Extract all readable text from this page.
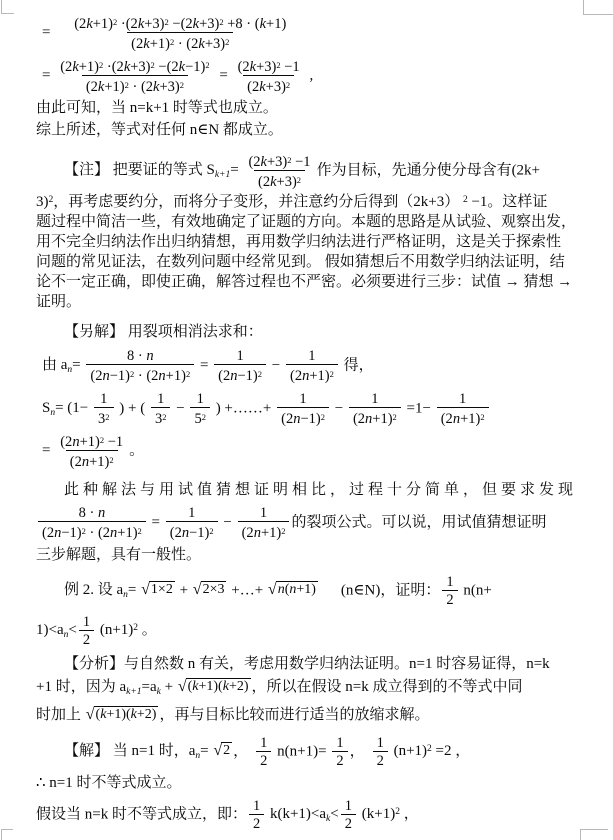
= $\frac{(2k+1)^2 \cdot(2k+3)^2 -(2k+3)^2 +8 \cdot (k+1)}{(2k+1)^2 \cdot (2k+3)^2}$
= $\frac{(2k+1)^2 \cdot(2k+3)^2 -(2k-1)^2}{(2k+1)^2 \cdot (2k+3)^2} = \frac{(2k+3)^2 -1}{(2k+3)^2}$ ,
由此可知，当 n=k+1 时等式也成立。
综上所述，等式对任何 n∈N 都成立。
【注】 把要证的等式 $S_{k+1}= \frac{(2k+3)^2 -1}{(2k+3)^2}$ 作为目标，先通分使分母含有(2k+
3)$^2$，再考虑要约分，而将分子变形，并注意约分后得到（2k+3） $^2$ −1。这样证
题过程中简洁一些，有效地确定了证题的方向。本题的思路是从试验、观察出发，
用不完全归纳法作出归纳猜想，再用数学归纳法进行严格证明，这是关于探索性
问题的常见证法，在数列问题中经常见到。 假如猜想后不用数学归纳法证明，结
论不一定正确，即使正确，解答过程也不严密。必须要进行三步：试值 → 猜想 →
证明。
【另解】 用裂项相消法求和：
由 $a_n= \frac{8 \cdot n}{(2n-1)^2 \cdot (2n+1)^2} = \frac{1}{(2n-1)^2} - \frac{1}{(2n+1)^2}$ 得，
$S_n= (1- \frac{1}{3^2}$ ) + ( $\frac{1}{3^2} - \frac{1}{5^2}$ ) +……+ $\frac{1}{(2n-1)^2} - \frac{1}{(2n+1)^2} =1- \frac{1}{(2n+1)^2}$
= $\frac{(2n+1)^2 -1}{(2n+1)^2}$ 。
此种解法与用试值猜想证明相比，过程十分简单，但要求发现
$\frac{8 \cdot n}{(2n-1)^2 \cdot (2n+1)^2} = \frac{1}{(2n-1)^2} - \frac{1}{(2n+1)^2}$ 的裂项公式。可以说，用试值猜想证明
三步解题，具有一般性。
例 2. 设 $a_n=$ √ 1×2 + √ 2×3 +…+ √ n(n+1) (n∈N)，证明： $\frac{1}{2} n(n+$
$1)<a_n< \frac{1}{2} (n+1)^2$ 。
【分析】与自然数 n 有关，考虑用数学归纳法证明。n=1 时容易证得，n=k
+1 时，因为 $a_{k+1}=a_k$ + √ (k+1)(k+2) ，所以在假设 n=k 成立得到的不等式中同
时加上 √ (k+1)(k+2) ，再与目标比较而进行适当的放缩求解。
【解】 当 n=1 时，$a_n=$ √ 2 ， $\frac{1}{2} n(n+1)= \frac{1}{2}$ ， $\frac{1}{2} (n+1)^2 =2$ ，
∴ n=1 时不等式成立。
假设当 n=k 时不等式成立，即： $\frac{1}{2} k(k+1)<a_k< \frac{1}{2} (k+1)^2$ ，
